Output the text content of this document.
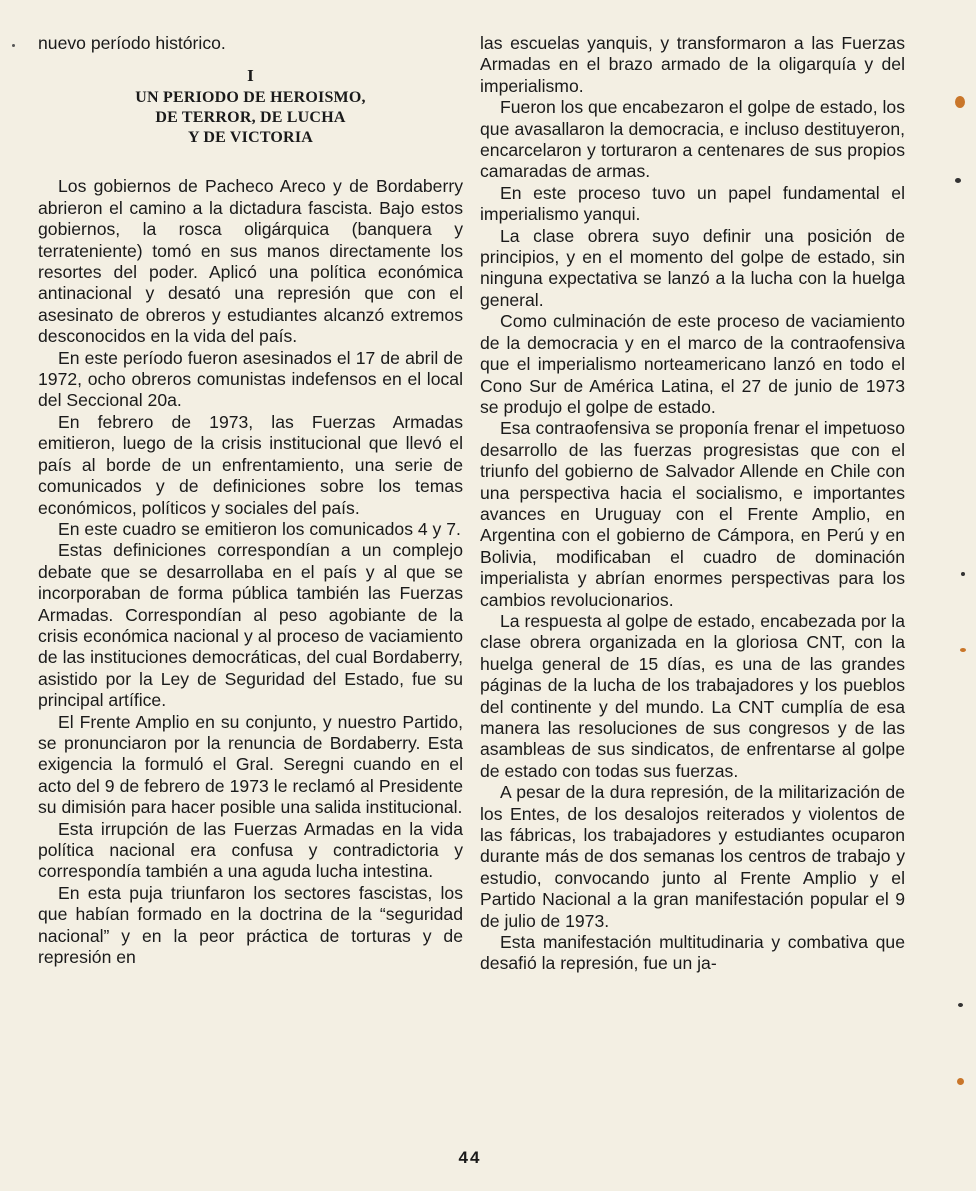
nuevo período histórico.

I
UN PERIODO DE HEROISMO,
DE TERROR, DE LUCHA
Y DE VICTORIA

Los gobiernos de Pacheco Areco y de Bordaberry abrieron el camino a la dictadura fascista. Bajo estos gobiernos, la rosca oligárquica (banquera y terrateniente) tomó en sus manos directamente los resortes del poder. Aplicó una política económica antinacional y desató una represión que con el asesinato de obreros y estudiantes alcanzó extremos desconocidos en la vida del país.

En este período fueron asesinados el 17 de abril de 1972, ocho obreros comunistas indefensos en el local del Seccional 20a.

En febrero de 1973, las Fuerzas Armadas emitieron, luego de la crisis institucional que llevó el país al borde de un enfrentamiento, una serie de comunicados y de definiciones sobre los temas económicos, políticos y sociales del país.

En este cuadro se emitieron los comunicados 4 y 7.

Estas definiciones correspondían a un complejo debate que se desarrollaba en el país y al que se incorporaban de forma pública también las Fuerzas Armadas. Correspondían al peso agobiante de la crisis económica nacional y al proceso de vaciamiento de las instituciones democráticas, del cual Bordaberry, asistido por la Ley de Seguridad del Estado, fue su principal artífice.

El Frente Amplio en su conjunto, y nuestro Partido, se pronunciaron por la renuncia de Bordaberry. Esta exigencia la formuló el Gral. Seregni cuando en el acto del 9 de febrero de 1973 le reclamó al Presidente su dimisión para hacer posible una salida institucional.

Esta irrupción de las Fuerzas Armadas en la vida política nacional era confusa y contradictoria y correspondía también a una aguda lucha intestina.

En esta puja triunfaron los sectores fascistas, los que habían formado en la doctrina de la “seguridad nacional” y en la peor práctica de torturas y de represión en

las escuelas yanquis, y transformaron a las Fuerzas Armadas en el brazo armado de la oligarquía y del imperialismo.

Fueron los que encabezaron el golpe de estado, los que avasallaron la democracia, e incluso destituyeron, encarcelaron y torturaron a centenares de sus propios camaradas de armas.

En este proceso tuvo un papel fundamental el imperialismo yanqui.

La clase obrera suyo definir una posición de principios, y en el momento del golpe de estado, sin ninguna expectativa se lanzó a la lucha con la huelga general.

Como culminación de este proceso de vaciamiento de la democracia y en el marco de la contraofensiva que el imperialismo norteamericano lanzó en todo el Cono Sur de América Latina, el 27 de junio de 1973 se produjo el golpe de estado.

Esa contraofensiva se proponía frenar el impetuoso desarrollo de las fuerzas progresistas que con el triunfo del gobierno de Salvador Allende en Chile con una perspectiva hacia el socialismo, e importantes avances en Uruguay con el Frente Amplio, en Argentina con el gobierno de Cámpora, en Perú y en Bolivia, modificaban el cuadro de dominación imperialista y abrían enormes perspectivas para los cambios revolucionarios.

La respuesta al golpe de estado, encabezada por la clase obrera organizada en la gloriosa CNT, con la huelga general de 15 días, es una de las grandes páginas de la lucha de los trabajadores y los pueblos del continente y del mundo. La CNT cumplía de esa manera las resoluciones de sus congresos y de las asambleas de sus sindicatos, de enfrentarse al golpe de estado con todas sus fuerzas.

A pesar de la dura represión, de la militarización de los Entes, de los desalojos reiterados y violentos de las fábricas, los trabajadores y estudiantes ocuparon durante más de dos semanas los centros de trabajo y estudio, convocando junto al Frente Amplio y el Partido Nacional a la gran manifestación popular el 9 de julio de 1973.

Esta manifestación multitudinaria y combativa que desafió la represión, fue un ja-

44
